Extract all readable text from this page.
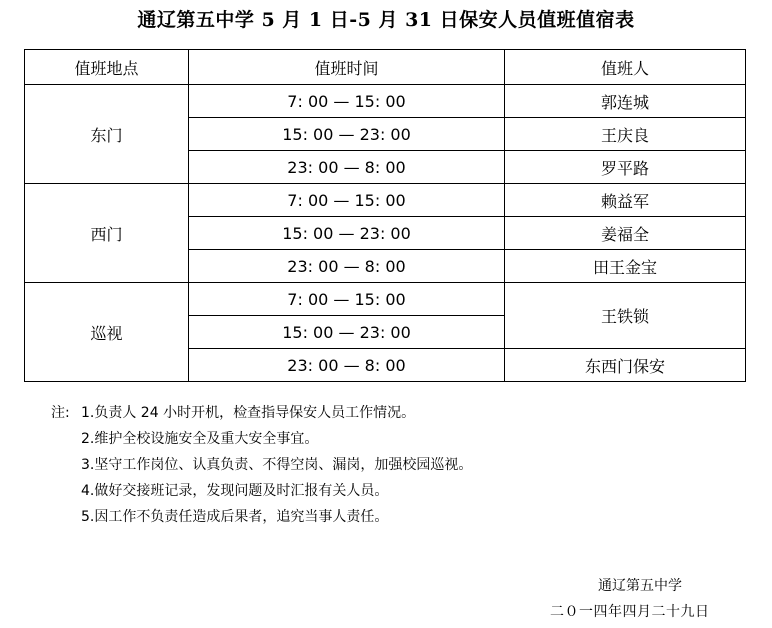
通辽第五中学 5 月 1 日-5 月 31 日保安人员值班值宿表
值班地点	值班时间	值班人
东门	7: 00 — 15: 00	郭连城
	15: 00 — 23: 00	王庆良
	23: 00 — 8: 00	罗平路
西门	7: 00 — 15: 00	赖益军
	15: 00 — 23: 00	姜福全
	23: 00 — 8: 00	田王金宝
巡视	7: 00 — 15: 00	王铁锁
	15: 00 — 23: 00	
	23: 00 — 8: 00	东西门保安
注: 1.负责人 24 小时开机，检查指导保安人员工作情况。
2.维护全校设施安全及重大安全事宜。
3.坚守工作岗位、认真负责、不得空岗、漏岗，加强校园巡视。
4.做好交接班记录，发现问题及时汇报有关人员。
5.因工作不负责任造成后果者，追究当事人责任。
通辽第五中学
二０一四年四月二十九日
